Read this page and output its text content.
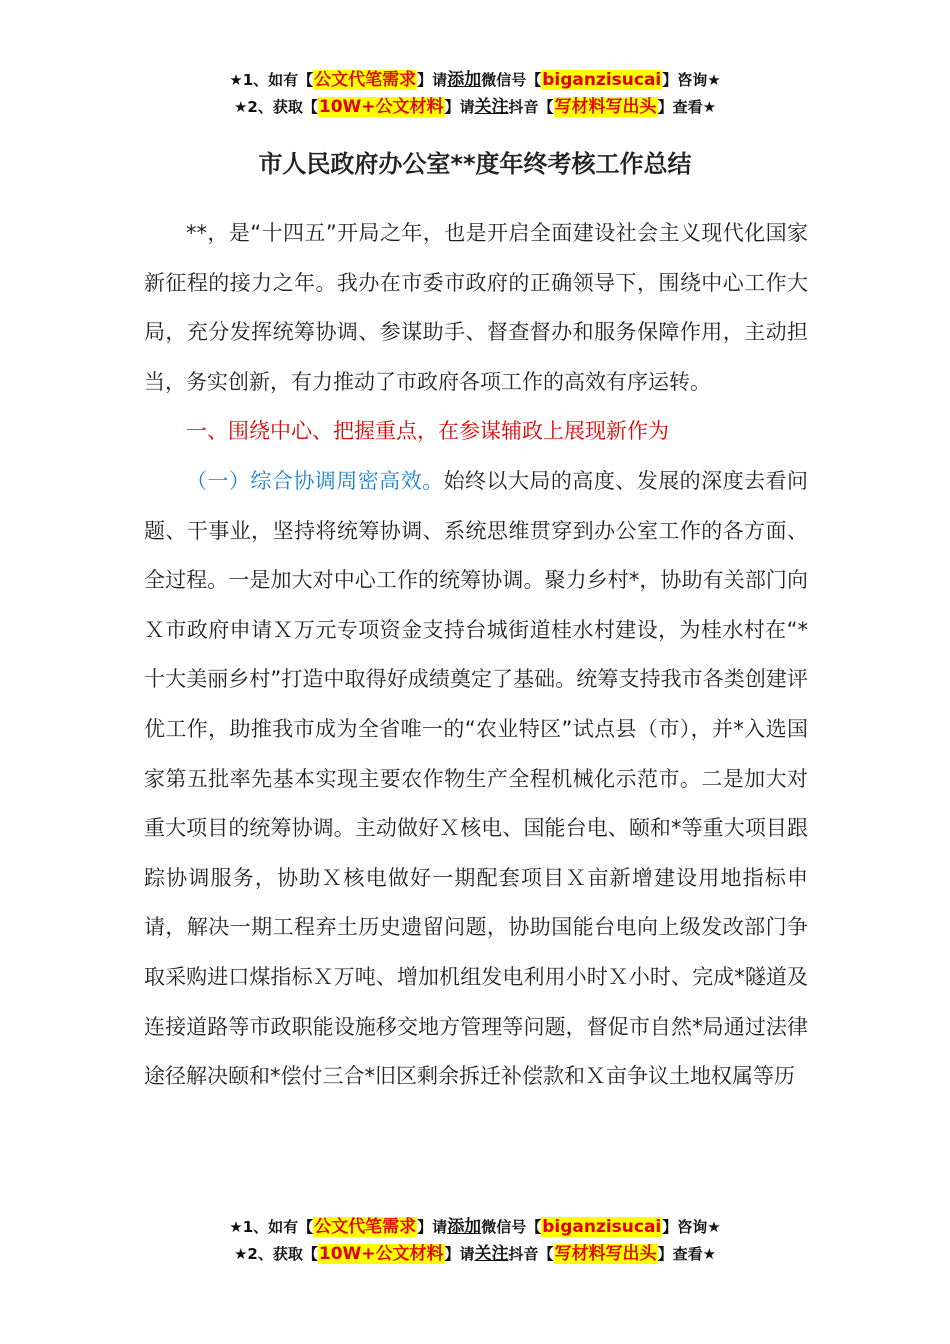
★1、如有【公文代笔需求】请添加微信号【biganzisucai】咨询★
★2、获取【10W+公文材料】请关注抖音【写材料写出头】查看★
市人民政府办公室**度年终考核工作总结

**，是“十四五”开局之年，也是开启全面建设社会主义现代化国家新征程的接力之年。我办在市委市政府的正确领导下，围绕中心工作大局，充分发挥统筹协调、参谋助手、督查督办和服务保障作用，主动担当，务实创新，有力推动了市政府各项工作的高效有序运转。

一、围绕中心、把握重点，在参谋辅政上展现新作为

（一）综合协调周密高效。始终以大局的高度、发展的深度去看问题、干事业，坚持将统筹协调、系统思维贯穿到办公室工作的各方面、全过程。一是加大对中心工作的统筹协调。聚力乡村*，协助有关部门向Ｘ市政府申请Ｘ万元专项资金支持台城街道桂水村建设，为桂水村在“*十大美丽乡村”打造中取得好成绩奠定了基础。统筹支持我市各类创建评优工作，助推我市成为全省唯一的“农业特区”试点县（市），并*入选国家第五批率先基本实现主要农作物生产全程机械化示范市。二是加大对重大项目的统筹协调。主动做好Ｘ核电、国能台电、颐和*等重大项目跟踪协调服务，协助Ｘ核电做好一期配套项目Ｘ亩新增建设用地指标申请，解决一期工程弃土历史遗留问题，协助国能台电向上级发改部门争取采购进口煤指标Ｘ万吨、增加机组发电利用小时Ｘ小时、完成*隧道及连接道路等市政职能设施移交地方管理等问题，督促市自然*局通过法律途径解决颐和*偿付三合*旧区剩余拆迁补偿款和Ｘ亩争议土地权属等历

★1、如有【公文代笔需求】请添加微信号【biganzisucai】咨询★
★2、获取【10W+公文材料】请关注抖音【写材料写出头】查看★
